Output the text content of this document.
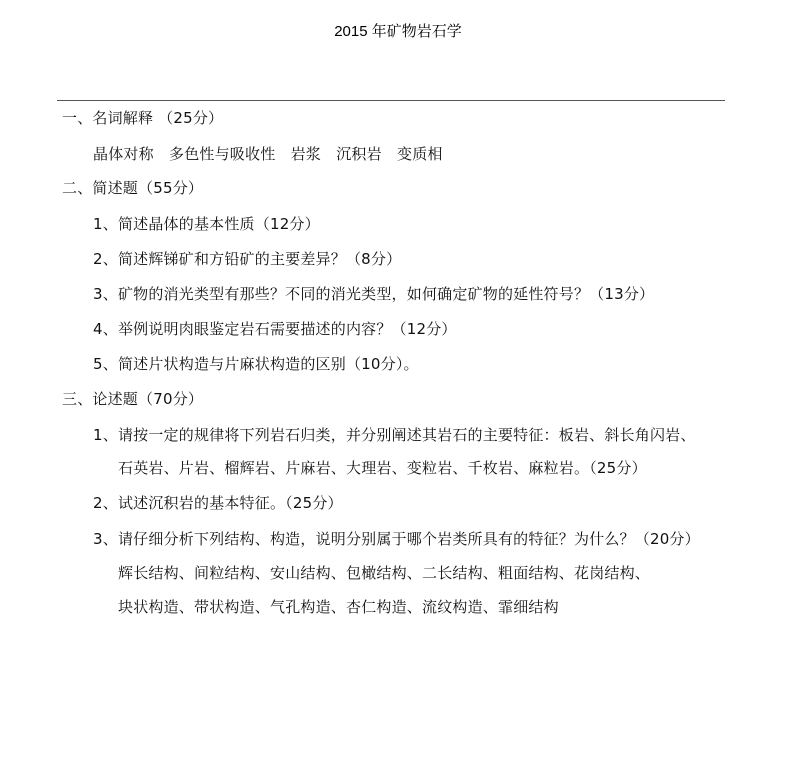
2015 年矿物岩石学
一、名词解释 （25分）
晶体对称　多色性与吸收性　岩浆　沉积岩　变质相
二、简述题（55分）
1、简述晶体的基本性质（12分）
2、简述辉锑矿和方铅矿的主要差异？（8分）
3、矿物的消光类型有那些？不同的消光类型，如何确定矿物的延性符号？（13分）
4、举例说明肉眼鉴定岩石需要描述的内容？（12分）
5、简述片状构造与片麻状构造的区别（10分）。
三、论述题（70分）
1、请按一定的规律将下列岩石归类，并分别阐述其岩石的主要特征：板岩、斜长角闪岩、
石英岩、片岩、榴辉岩、片麻岩、大理岩、变粒岩、千枚岩、麻粒岩。（25分）
2、试述沉积岩的基本特征。（25分）
3、请仔细分析下列结构、构造，说明分别属于哪个岩类所具有的特征？为什么？（20分）
辉长结构、间粒结构、安山结构、包橄结构、二长结构、粗面结构、花岗结构、
块状构造、带状构造、气孔构造、杏仁构造、流纹构造、霏细结构
